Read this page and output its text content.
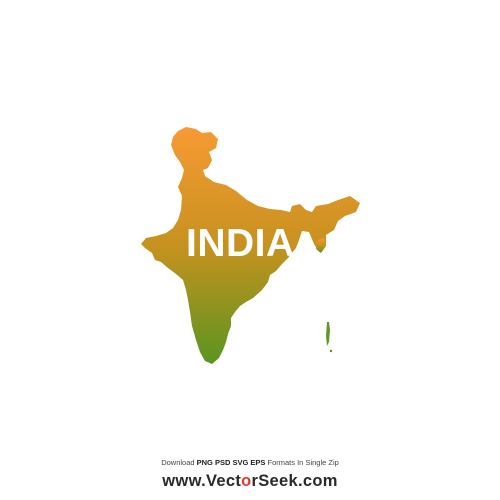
INDIA
Download PNG PSD SVG EPS Formats In Single Zip
www.VectorSeek.com
